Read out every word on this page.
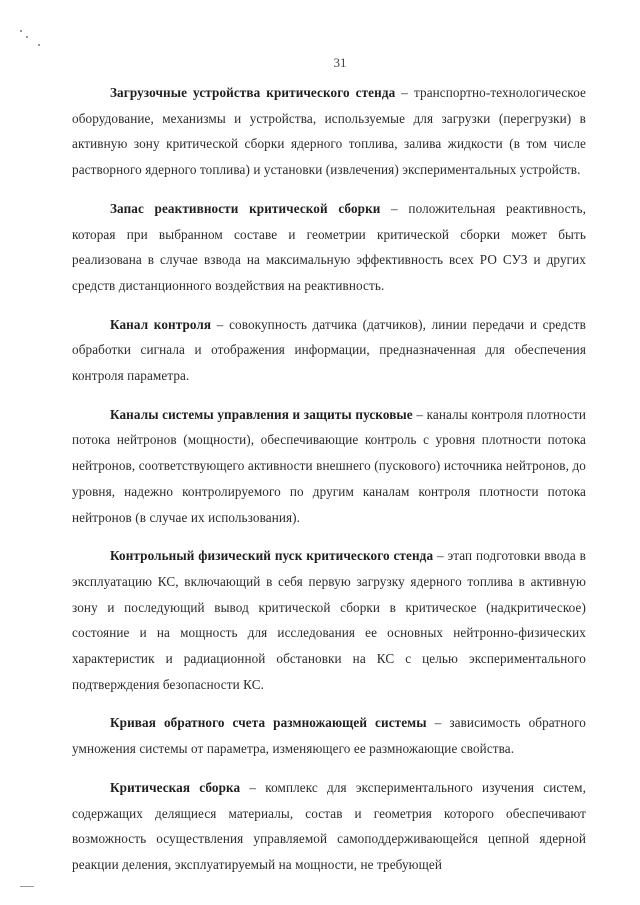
31

Загрузочные устройства критического стенда – транспортно-технологическое оборудование, механизмы и устройства, используемые для загрузки (перегрузки) в активную зону критической сборки ядерного топлива, залива жидкости (в том числе растворного ядерного топлива) и установки (извлечения) экспериментальных устройств.

Запас реактивности критической сборки – положительная реактивность, которая при выбранном составе и геометрии критической сборки может быть реализована в случае взвода на максимальную эффективность всех РО СУЗ и других средств дистанционного воздействия на реактивность.

Канал контроля – совокупность датчика (датчиков), линии передачи и средств обработки сигнала и отображения информации, предназначенная для обеспечения контроля параметра.

Каналы системы управления и защиты пусковые – каналы контроля плотности потока нейтронов (мощности), обеспечивающие контроль с уровня плотности потока нейтронов, соответствующего активности внешнего (пускового) источника нейтронов, до уровня, надежно контролируемого по другим каналам контроля плотности потока нейтронов (в случае их использования).

Контрольный физический пуск критического стенда – этап подготовки ввода в эксплуатацию КС, включающий в себя первую загрузку ядерного топлива в активную зону и последующий вывод критической сборки в критическое (надкритическое) состояние и на мощность для исследования ее основных нейтронно-физических характеристик и радиационной обстановки на КС с целью экспериментального подтверждения безопасности КС.

Кривая обратного счета размножающей системы – зависимость обратного умножения системы от параметра, изменяющего ее размножающие свойства.

Критическая сборка – комплекс для экспериментального изучения систем, содержащих делящиеся материалы, состав и геометрия которого обеспечивают возможность осуществления управляемой самоподдерживающейся цепной ядерной реакции деления, эксплуатируемый на мощности, не требующей
